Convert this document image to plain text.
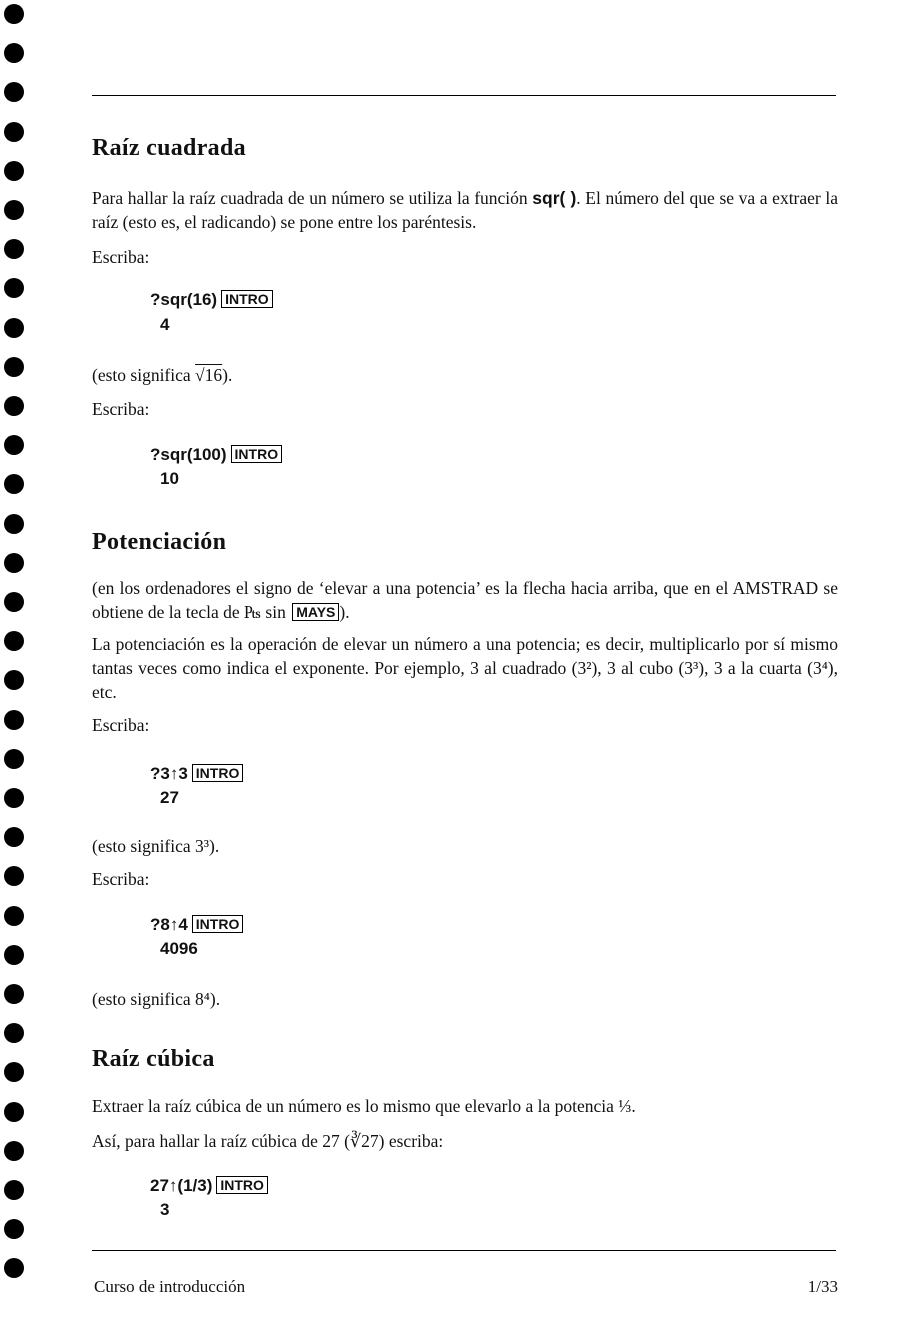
Raíz cuadrada

Para hallar la raíz cuadrada de un número se utiliza la función sqr( ). El número del que se va a extraer la raíz (esto es, el radicando) se pone entre los paréntesis.

Escriba:

?sqr(16) INTRO
4

(esto significa √16).

Escriba:

?sqr(100) INTRO
10
Potenciación

(en los ordenadores el signo de ‘elevar a una potencia’ es la flecha hacia arriba, que en el AMSTRAD se obtiene de la tecla de ₧ sin MAYS ).

La potenciación es la operación de elevar un número a una potencia; es decir, multiplicarlo por sí mismo tantas veces como indica el exponente. Por ejemplo, 3 al cuadrado (3²), 3 al cubo (3³), 3 a la cuarta (3⁴), etc.

Escriba:

?3↑3 INTRO
27

(esto significa 3³).

Escriba:

?8↑4 INTRO
4096

(esto significa 8⁴).

Raíz cúbica

Extraer la raíz cúbica de un número es lo mismo que elevarlo a la potencia ⅓.

Así, para hallar la raíz cúbica de 27 (∛27) escriba:

27↑(1/3) INTRO
3

Curso de introducción	1/33
